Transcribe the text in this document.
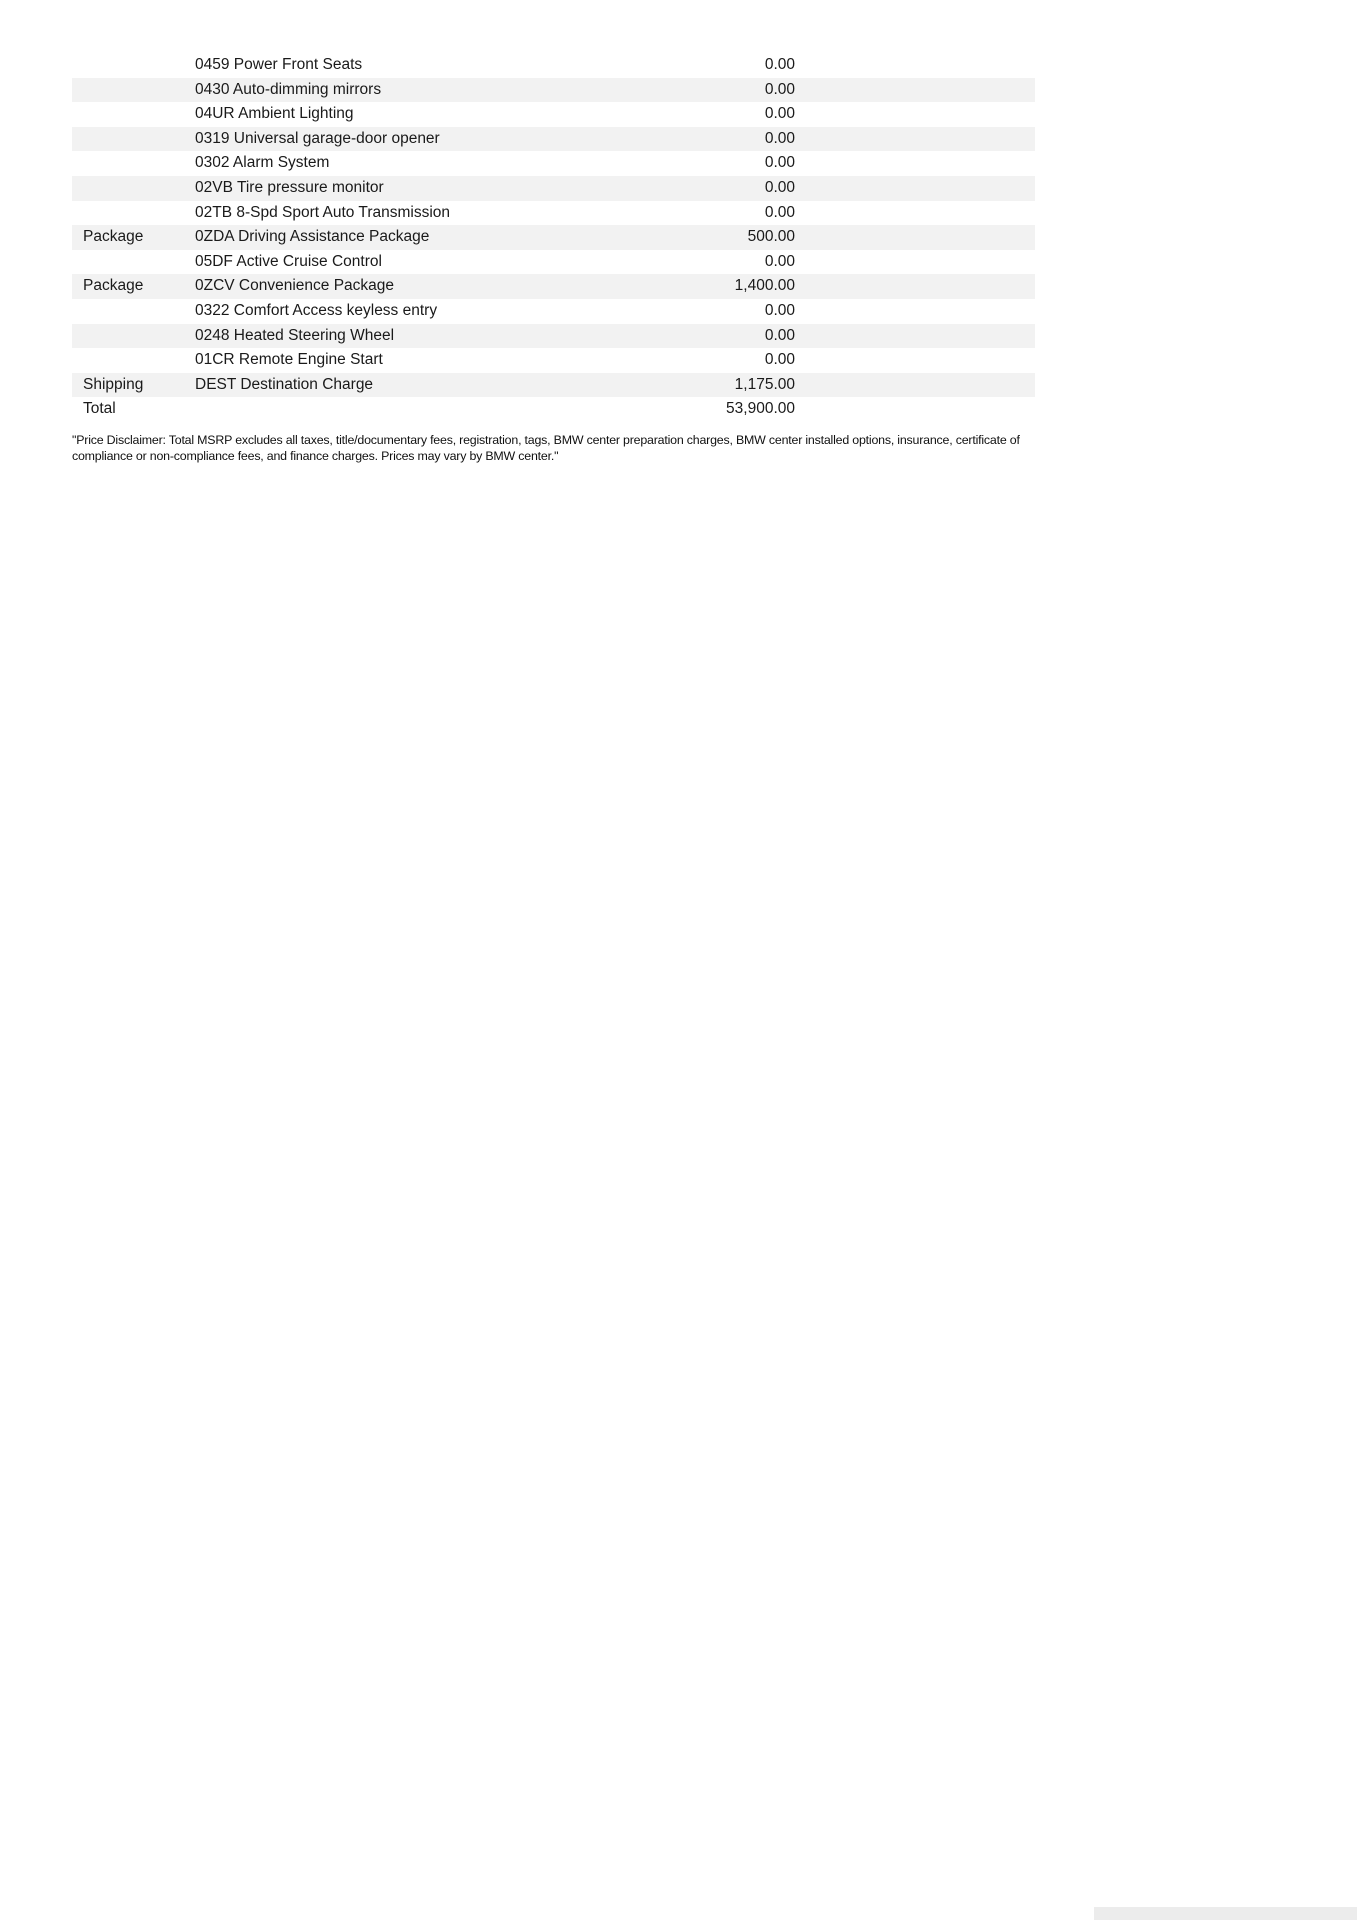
0459 Power Front Seats	0.00
0430 Auto-dimming mirrors	0.00
04UR Ambient Lighting	0.00
0319 Universal garage-door opener	0.00
0302 Alarm System	0.00
02VB Tire pressure monitor	0.00
02TB 8-Spd Sport Auto Transmission	0.00
Package	0ZDA Driving Assistance Package	500.00
05DF Active Cruise Control	0.00
Package	0ZCV Convenience Package	1,400.00
0322 Comfort Access keyless entry	0.00
0248 Heated Steering Wheel	0.00
01CR Remote Engine Start	0.00
Shipping	DEST Destination Charge	1,175.00
Total	53,900.00

"Price Disclaimer: Total MSRP excludes all taxes, title/documentary fees, registration, tags, BMW center preparation charges, BMW center installed options, insurance, certificate of compliance or non-compliance fees, and finance charges. Prices may vary by BMW center."
